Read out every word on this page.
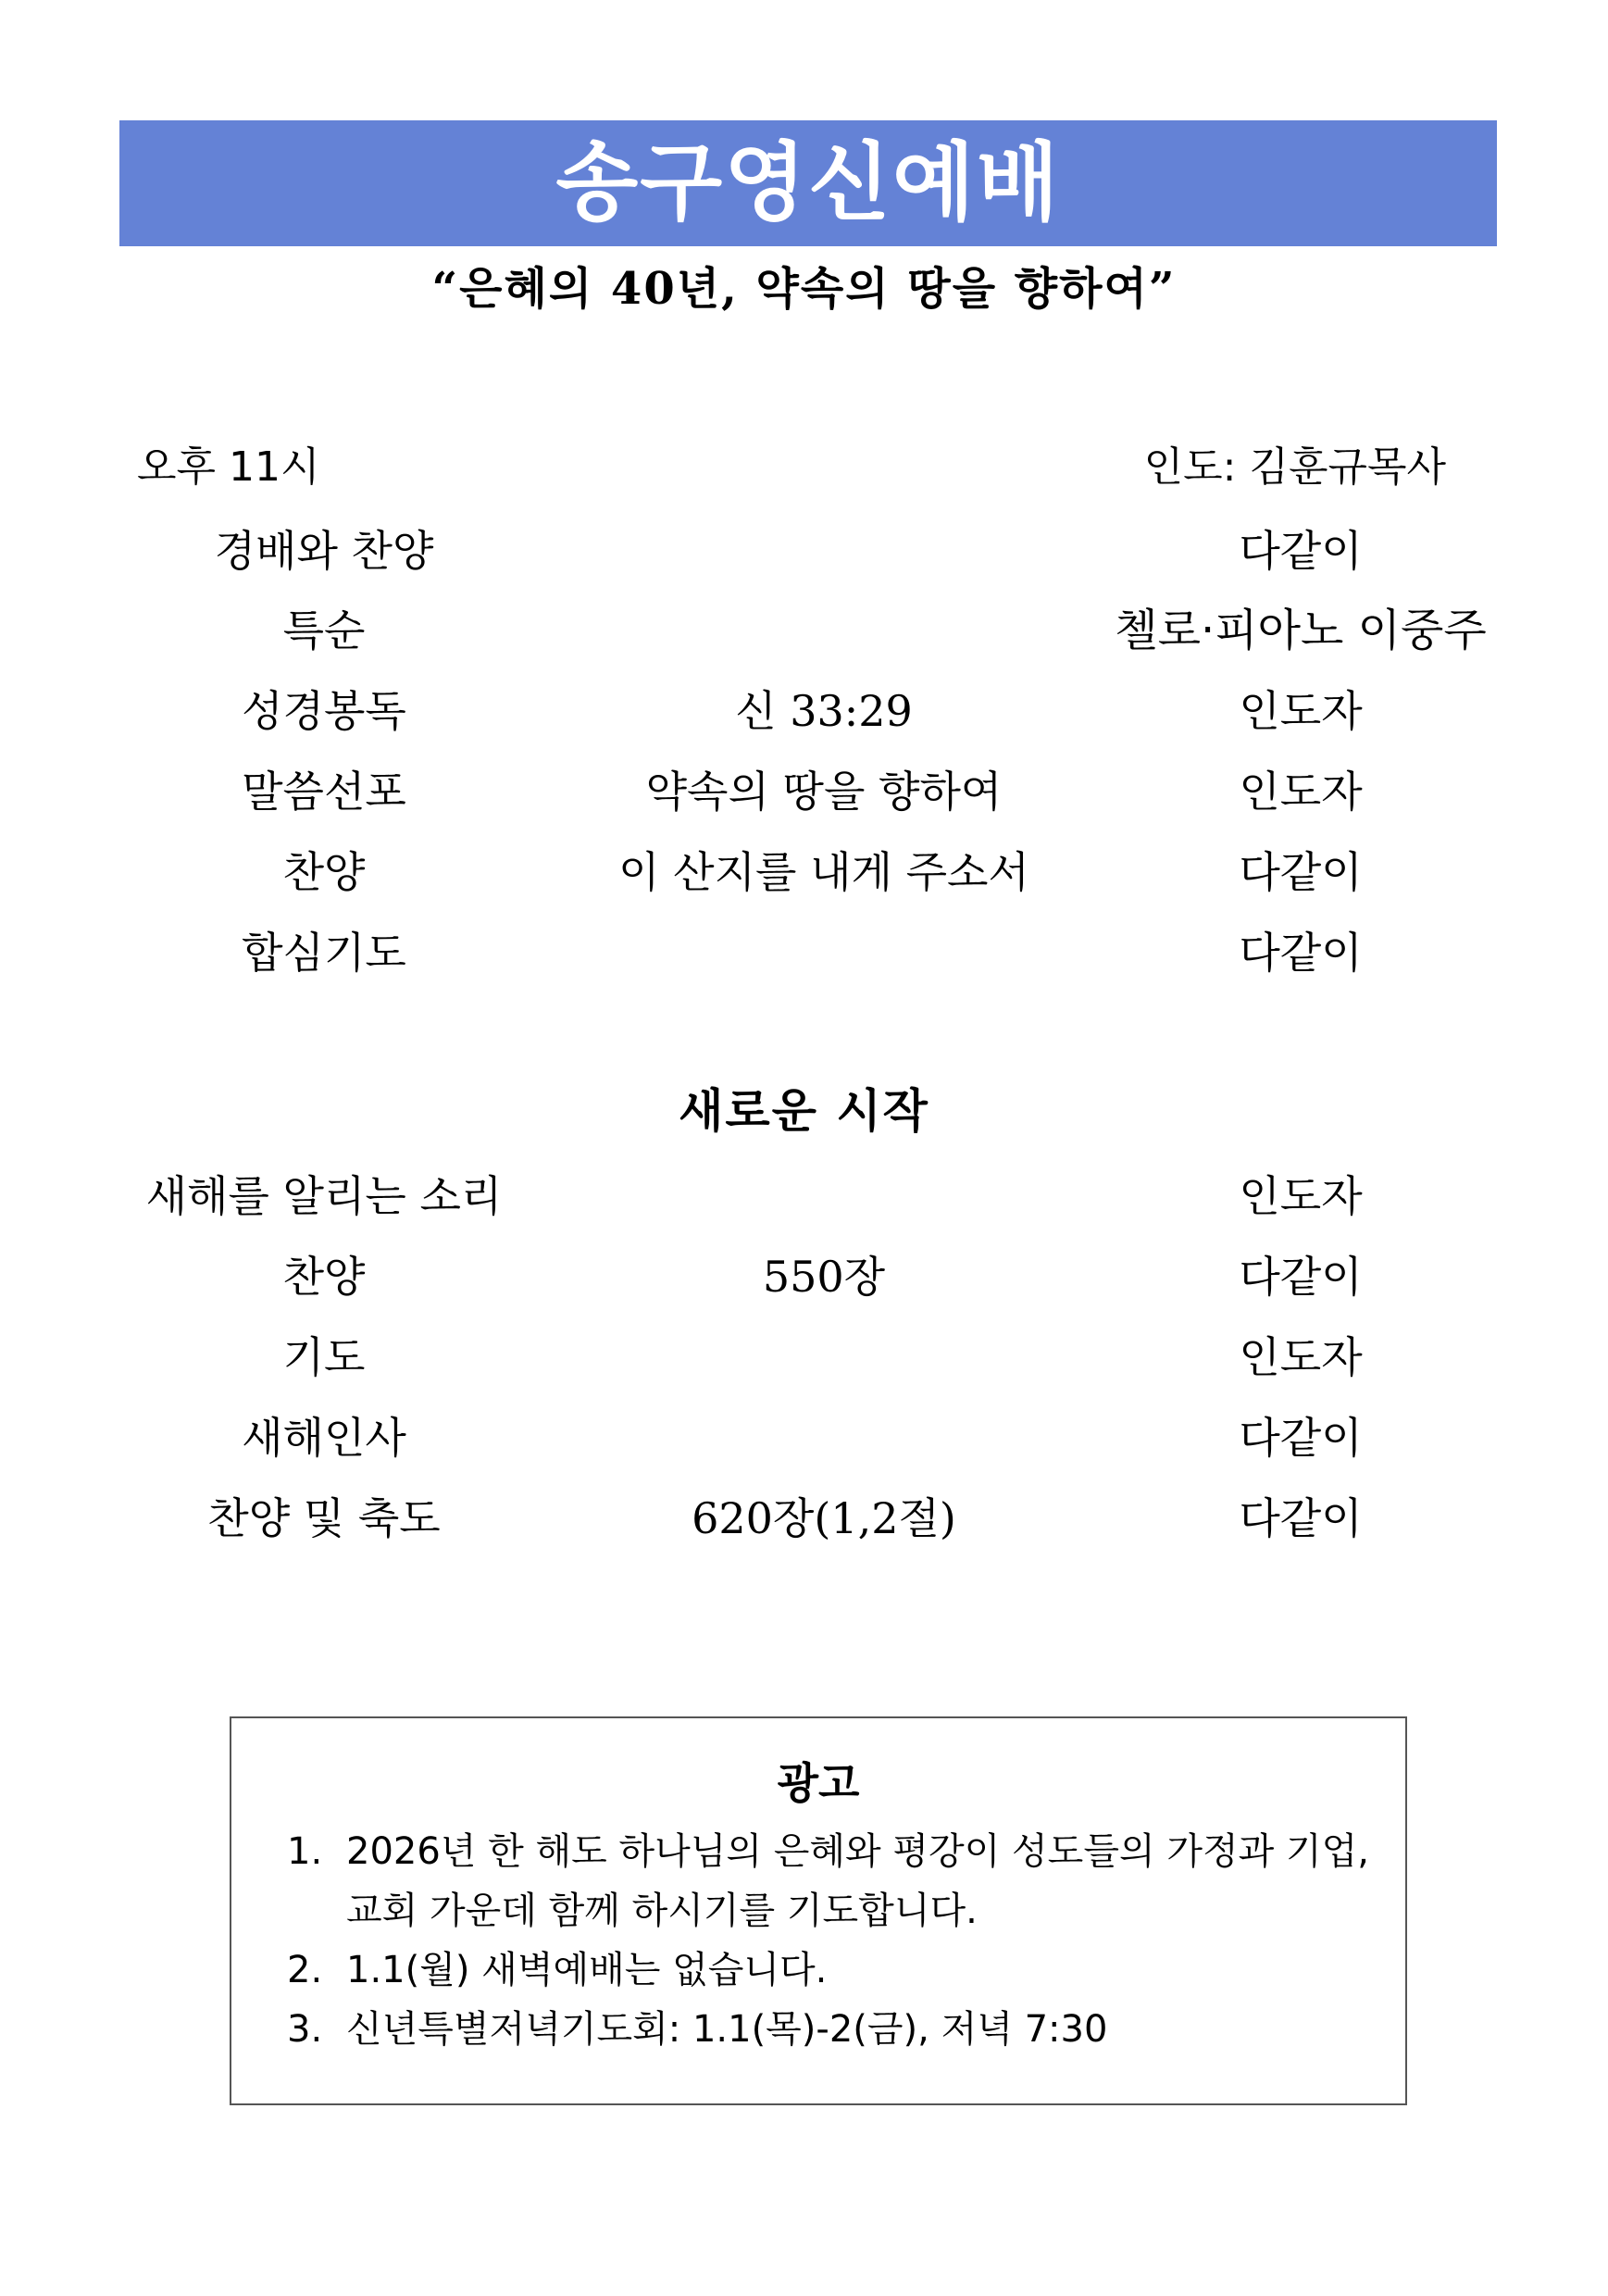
송구영신예배
“은혜의 40년, 약속의 땅을 향하여”
오후 11시	인도: 김훈규목사
경배와 찬양	다같이
특순	첼로·피아노 이중주
성경봉독	신 33:29	인도자
말씀선포	약속의 땅을 향하여	인도자
찬양	이 산지를 내게 주소서	다같이
합심기도	다같이
새로운 시작
새해를 알리는 소리	인도자
찬양	550장	다같이
기도	인도자
새해인사	다같이
찬양 및 축도	620장(1,2절)	다같이
광고
1. 2026년 한 해도 하나님의 은혜와 평강이 성도들의 가정과 기업, 교회 가운데 함께 하시기를 기도합니다.
2. 1.1(월) 새벽예배는 없습니다.
3. 신년특별저녁기도회: 1.1(목)-2(금), 저녁 7:30
